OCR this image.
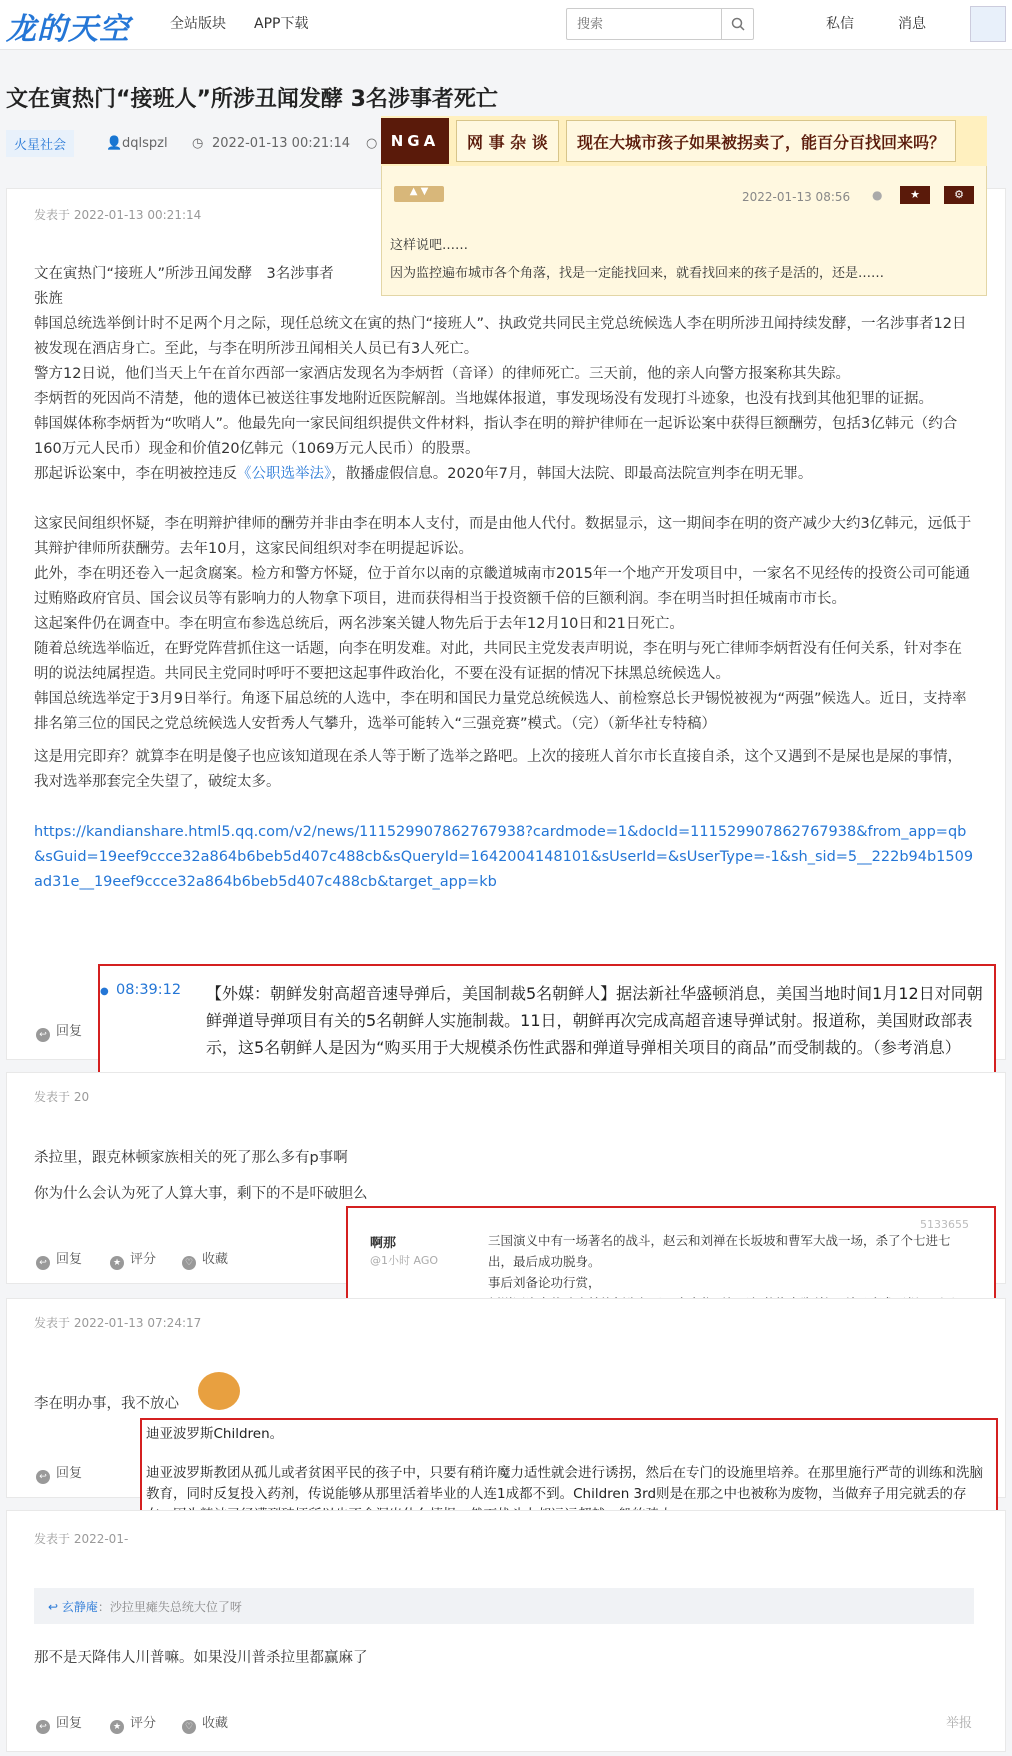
龙的天空	全站版块 APP下载
搜索	私信	消息
文在寅热门“接班人”所涉丑闻发酵 3名涉事者死亡
火星社会	👤 dqlspzl ◷ 2022-01-13 00:21:14 ○
发表于 2022-01-13 00:21:14

文在寅热门“接班人”所涉丑闻发酵　3名涉事者

张旌

韩国总统选举倒计时不足两个月之际，现任总统文在寅的热门“接班人”、执政党共同民主党总统候选人李在明所涉丑闻持续发酵，一名涉事者12日被发现在酒店身亡。至此，与李在明所涉丑闻相关人员已有3人死亡。

警方12日说，他们当天上午在首尔西部一家酒店发现名为李炳哲（音译）的律师死亡。三天前，他的亲人向警方报案称其失踪。

李炳哲的死因尚不清楚，他的遗体已被送往事发地附近医院解剖。当地媒体报道，事发现场没有发现打斗迹象，也没有找到其他犯罪的证据。

韩国媒体称李炳哲为“吹哨人”。他最先向一家民间组织提供文件材料，指认李在明的辩护律师在一起诉讼案中获得巨额酬劳，包括3亿韩元（约合160万元人民币）现金和价值20亿韩元（1069万元人民币）的股票。

那起诉讼案中，李在明被控违反《公职选举法》，散播虚假信息。2020年7月，韩国大法院、即最高法院宣判李在明无罪。

这家民间组织怀疑，李在明辩护律师的酬劳并非由李在明本人支付，而是由他人代付。数据显示，这一期间李在明的资产减少大约3亿韩元，远低于其辩护律师所获酬劳。去年10月，这家民间组织对李在明提起诉讼。

此外，李在明还卷入一起贪腐案。检方和警方怀疑，位于首尔以南的京畿道城南市2015年一个地产开发项目中，一家名不见经传的投资公司可能通过贿赂政府官员、国会议员等有影响力的人物拿下项目，进而获得相当于投资额千倍的巨额利润。李在明当时担任城南市市长。

这起案件仍在调查中。李在明宣布参选总统后，两名涉案关键人物先后于去年12月10日和21日死亡。

随着总统选举临近，在野党阵营抓住这一话题，向李在明发难。对此，共同民主党发表声明说，李在明与死亡律师李炳哲没有任何关系，针对李在明的说法纯属捏造。共同民主党同时呼吁不要把这起事件政治化，不要在没有证据的情况下抹黑总统候选人。

韩国总统选举定于3月9日举行。角逐下届总统的人选中，李在明和国民力量党总统候选人、前检察总长尹锡悦被视为“两强”候选人。近日，支持率排名第三位的国民之党总统候选人安哲秀人气攀升，选举可能转入“三强竞赛”模式。（完）（新华社专特稿）

这是用完即弃？就算李在明是傻子也应该知道现在杀人等于断了选举之路吧。上次的接班人首尔市长直接自杀，这个又遇到不是屎也是屎的事情，我对选举那套完全失望了，破绽太多。

https://kandianshare.html5.qq.com/v2/news/111529907862767938?cardmode=1&docId=111529907862767938&from_app=qb&sGuid=19eef9ccce32a864b6beb5d407c488cb&sQueryId=1642004148101&sUserId=&sUserType=-1&sh_sid=5__222b94b1509ad31e__19eef9ccce32a864b6beb5d407c488cb&target_app=kb

↩ 回复
NGA	网 事 杂 谈	现在大城市孩子如果被拐卖了，能百分百找回来吗？
▲ ▼	2022-01-13 08:56 ●	★	⚙
这样说吧……
因为监控遍布城市各个角落，找是一定能找回来，就看找回来的孩子是活的，还是……
● 08:39:12 【外媒：朝鲜发射高超音速导弹后，美国制裁5名朝鲜人】据法新社华盛顿消息，美国当地时间1月12日对同朝鲜弹道导弹项目有关的5名朝鲜人实施制裁。11日，朝鲜再次完成高超音速导弹试射。报道称，美国财政部表示，这5名朝鲜人是因为“购买用于大规模杀伤性武器和弹道导弹相关项目的商品”而受制裁的。（参考消息）
发表于 20
杀拉里，跟克林顿家族相关的死了那么多有p事啊
你为什么会认为死了人算大事，剩下的不是吓破胆么
↩ 回复	★ 评分	♡ 收藏
啊那
@1小时 AGO
5133655

三国演义中有一场著名的战斗，赵云和刘禅在长坂坡和曹军大战一场，杀了个七进七出，最后成功脱身。

事后刘备论功行赏，

发表于 2022-01-13 07:24:17
李在明办事，我不放心
↩ 回复

迪亚波罗斯Children。

迪亚波罗斯教团从孤儿或者贫困平民的孩子中，只要有稍许魔力适性就会进行诱拐，然后在专门的设施里培养。在那里施行严苛的训练和洗脑教育，同时反复投入药剂，传说能够从那里活着毕业的人连1成都不到。Children 3rd则是在那之中也被称为废物，当做弃子用完就丢的存

发表于 2022-01-
↩ 玄静庵：沙拉里瘫失总统大位了呀
那不是天降伟人川普嘛。如果没川普杀拉里都赢麻了
↩ 回复	★ 评分	♡ 收藏	举报
